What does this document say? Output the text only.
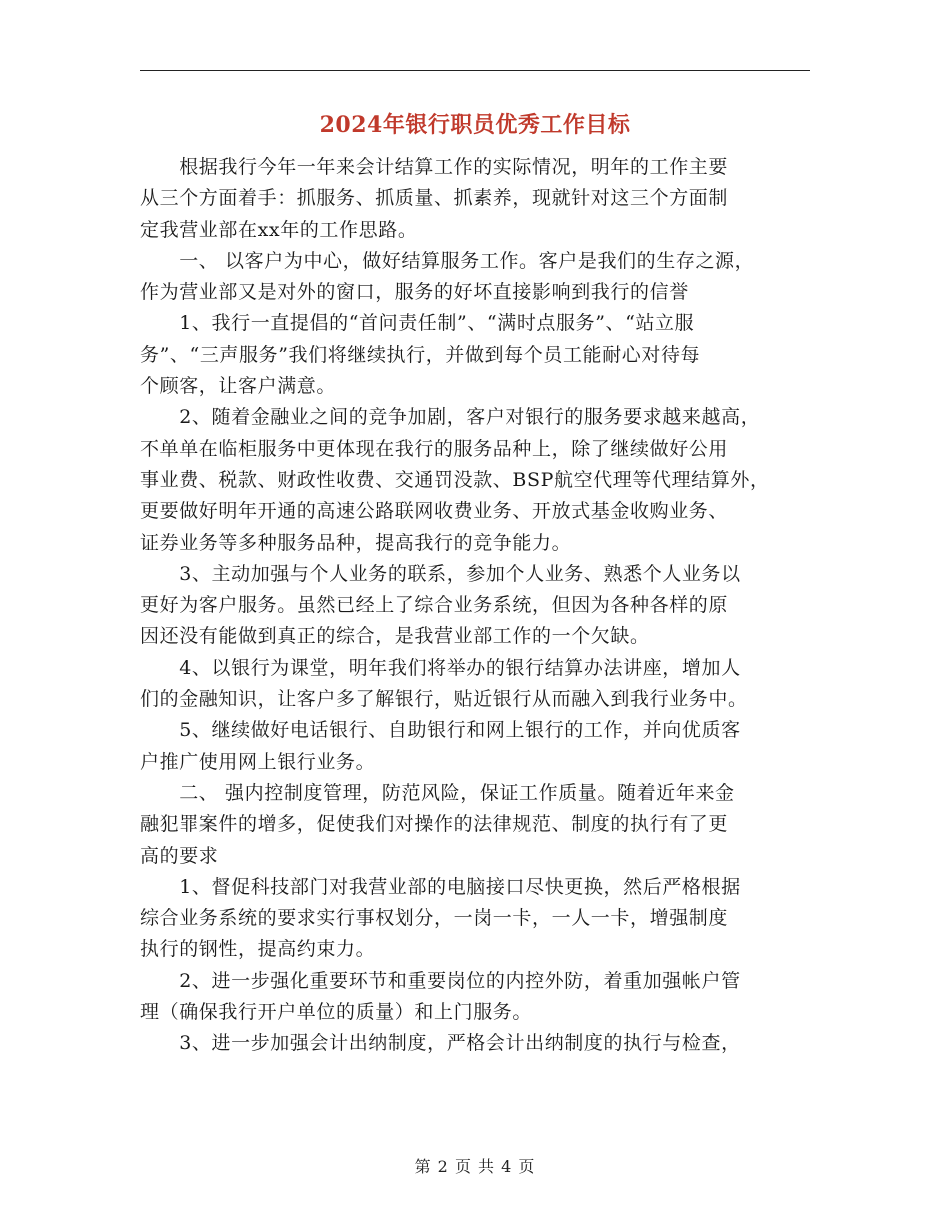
2024年银行职员优秀工作目标
　　根据我行今年一年来会计结算工作的实际情况，明年的工作主要
从三个方面着手：抓服务、抓质量、抓素养，现就针对这三个方面制
定我营业部在xx年的工作思路。
　　一、 以客户为中心，做好结算服务工作。客户是我们的生存之源，
作为营业部又是对外的窗口，服务的好坏直接影响到我行的信誉
　　1、我行一直提倡的“首问责任制”、“满时点服务”、“站立服
务”、“三声服务”我们将继续执行，并做到每个员工能耐心对待每
个顾客，让客户满意。
　　2、随着金融业之间的竞争加剧，客户对银行的服务要求越来越高，
不单单在临柜服务中更体现在我行的服务品种上，除了继续做好公用
事业费、税款、财政性收费、交通罚没款、BSP航空代理等代理结算外，
更要做好明年开通的高速公路联网收费业务、开放式基金收购业务、
证券业务等多种服务品种，提高我行的竞争能力。
　　3、主动加强与个人业务的联系，参加个人业务、熟悉个人业务以
更好为客户服务。虽然已经上了综合业务系统，但因为各种各样的原
因还没有能做到真正的综合，是我营业部工作的一个欠缺。
　　4、以银行为课堂，明年我们将举办的银行结算办法讲座，增加人
们的金融知识，让客户多了解银行，贴近银行从而融入到我行业务中。
　　5、继续做好电话银行、自助银行和网上银行的工作，并向优质客
户推广使用网上银行业务。
　　二、 强内控制度管理，防范风险，保证工作质量。随着近年来金
融犯罪案件的增多，促使我们对操作的法律规范、制度的执行有了更
高的要求
　　1、督促科技部门对我营业部的电脑接口尽快更换，然后严格根据
综合业务系统的要求实行事权划分，一岗一卡，一人一卡，增强制度
执行的钢性，提高约束力。
　　2、进一步强化重要环节和重要岗位的内控外防，着重加强帐户管
理（确保我行开户单位的质量）和上门服务。
　　3、进一步加强会计出纳制度，严格会计出纳制度的执行与检查，
第 2 页 共 4 页
